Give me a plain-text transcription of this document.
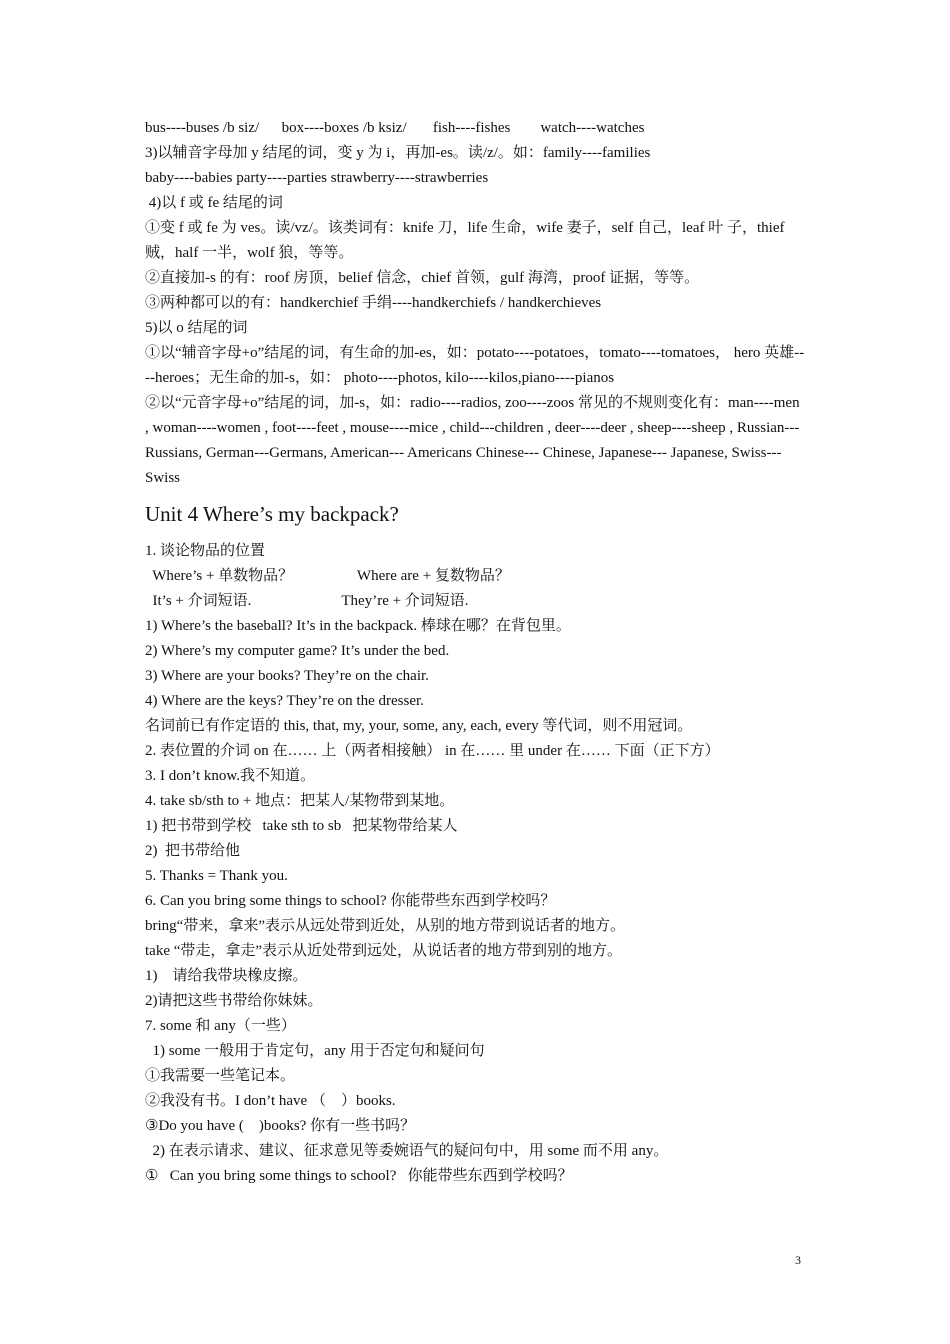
bus----buses /b siz/      box----boxes /b ksiz/       fish----fishes        watch----watches
3)以辅音字母加 y 结尾的词，变 y 为 i，再加-es。读/z/。如：family----families
baby----babies party----parties strawberry----strawberries
4)以 f 或 fe 结尾的词
①变 f 或 fe 为 ves。读/vz/。该类词有：knife 刀，life 生命，wife 妻子，self 自己，leaf 叶 子，thief 贼，half 一半，wolf 狼，等等。
②直接加-s 的有：roof 房顶，belief 信念，chief 首领，gulf 海湾，proof 证据，等等。
③两种都可以的有：handkerchief 手绢----handkerchiefs / handkerchieves
5)以 o 结尾的词
①以“辅音字母+o”结尾的词，有生命的加-es，如：potato----potatoes，tomato----tomatoes， hero 英雄----heroes；无生命的加-s，如： photo----photos, kilo----kilos,piano----pianos
②以“元音字母+o”结尾的词，加-s，如：radio----radios, zoo----zoos 常见的不规则变化有：man----men , woman----women , foot----feet , mouse----mice , child---children , deer----deer , sheep----sheep , Russian---Russians, German---Germans, American--- Americans Chinese--- Chinese, Japanese--- Japanese, Swiss--- Swiss
Unit 4 Where’s my backpack?
1. 谈论物品的位置
Where’s + 单数物品？                 Where are + 复数物品？
It’s + 介词短语.                        They’re + 介词短语.
1) Where’s the baseball? It’s in the backpack. 棒球在哪？在背包里。
2) Where’s my computer game? It’s under the bed.
3) Where are your books? They’re on the chair.
4) Where are the keys? They’re on the dresser.
名词前已有作定语的 this, that, my, your, some, any, each, every 等代词，则不用冠词。
2. 表位置的介词 on 在…… 上（两者相接触） in 在…… 里 under 在…… 下面（正下方）
3. I don’t know.我不知道。
4. take sb/sth to + 地点：把某人/某物带到某地。
1) 把书带到学校   take sth to sb   把某物带给某人
2)  把书带给他
5. Thanks = Thank you.
6. Can you bring some things to school? 你能带些东西到学校吗？
bring“带来，拿来”表示从远处带到近处，从别的地方带到说话者的地方。
take “带走，拿走”表示从近处带到远处，从说话者的地方带到别的地方。
1)    请给我带块橡皮擦。
2)请把这些书带给你妹妹。
7. some 和 any（一些）
1) some 一般用于肯定句，any 用于否定句和疑问句
①我需要一些笔记本。
②我没有书。I don’t have （    ）books.
③Do you have (    )books? 你有一些书吗？
2) 在表示请求、建议、征求意见等委婉语气的疑问句中，用 some 而不用 any。
①   Can you bring some things to school?   你能带些东西到学校吗？
3
